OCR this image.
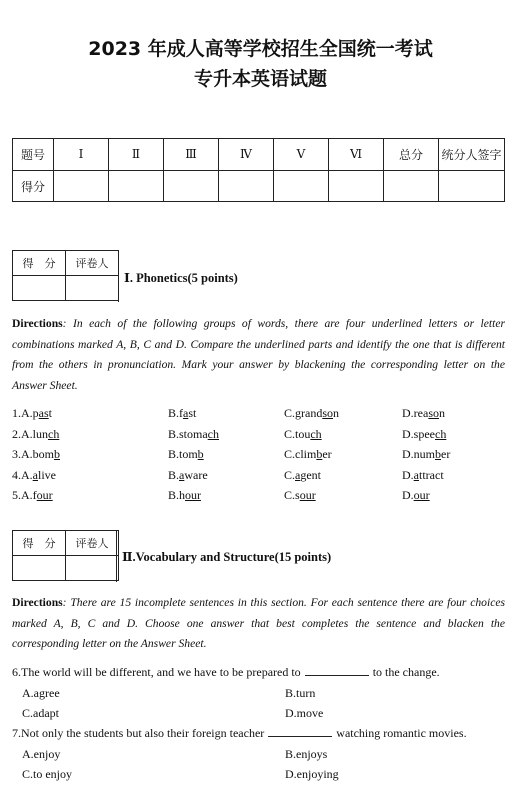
2023 年成人高等学校招生全国统一考试
专升本英语试题
题号	Ⅰ	Ⅱ	Ⅲ	Ⅳ	Ⅴ	Ⅵ	总分	统分人签字
得分								
得　分	评卷人

Ⅰ. Phonetics(5 points)
Directions: In each of the following groups of words, there are four underlined letters or letter combinations marked A, B, C and D. Compare the underlined parts and identify the one that is different from the others in pronunciation. Mark your answer by blackening the corresponding letter on the Answer Sheet.
1.A.past	B.fast	C.grandson	D.reason
2.A.lunch	B.stomach	C.touch	D.speech
3.A.bomb	B.tomb	C.climber	D.number
4.A.alive	B.aware	C.agent	D.attract
5.A.four	B.hour	C.sour	D.our
得　分	评卷人

Ⅱ.Vocabulary and Structure(15 points)
Directions: There are 15 incomplete sentences in this section. For each sentence there are four choices marked A, B, C and D. Choose one answer that best completes the sentence and blacken the corresponding letter on the Answer Sheet.
6.The world will be different, and we have to be prepared to	to the change.
A.agree	B.turn
C.adapt	D.move
7.Not only the students but also their foreign teacher	watching romantic movies.
A.enjoy	B.enjoys
C.to enjoy	D.enjoying
